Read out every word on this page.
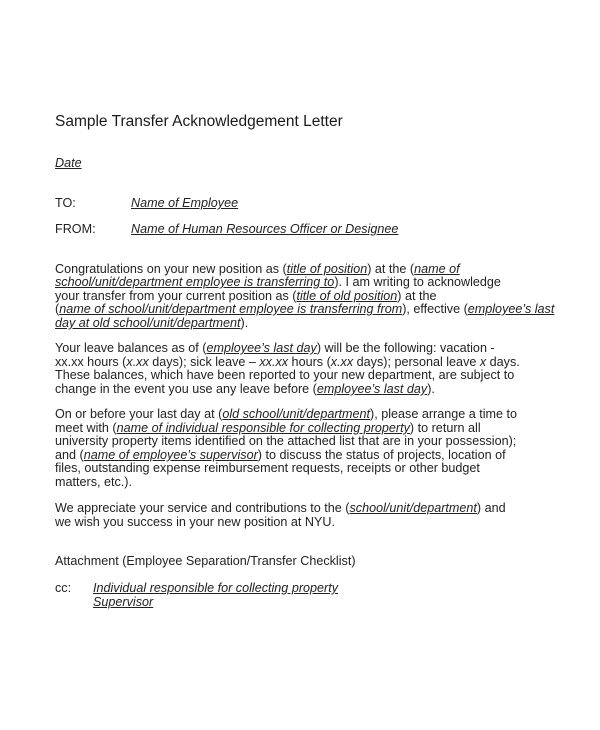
Sample Transfer Acknowledgement Letter
Date
TO:	Name of Employee
FROM:	Name of Human Resources Officer or Designee
Congratulations on your new position as (title of position) at the (name of
school/unit/department employee is transferring to). I am writing to acknowledge
your transfer from your current position as (title of old position) at the
(name of school/unit/department employee is transferring from), effective (employee’s last
day at old school/unit/department).
Your leave balances as of (employee’s last day) will be the following: vacation -
xx.xx hours (x.xx days); sick leave – xx.xx hours (x.xx days); personal leave x days.
These balances, which have been reported to your new department, are subject to
change in the event you use any leave before (employee’s last day).
On or before your last day at (old school/unit/department), please arrange a time to
meet with (name of individual responsible for collecting property) to return all
university property items identified on the attached list that are in your possession);
and (name of employee’s supervisor) to discuss the status of projects, location of
files, outstanding expense reimbursement requests, receipts or other budget
matters, etc.).
We appreciate your service and contributions to the (school/unit/department) and
we wish you success in your new position at NYU.
Attachment (Employee Separation/Transfer Checklist)
cc: Individual responsible for collecting property
Supervisor
